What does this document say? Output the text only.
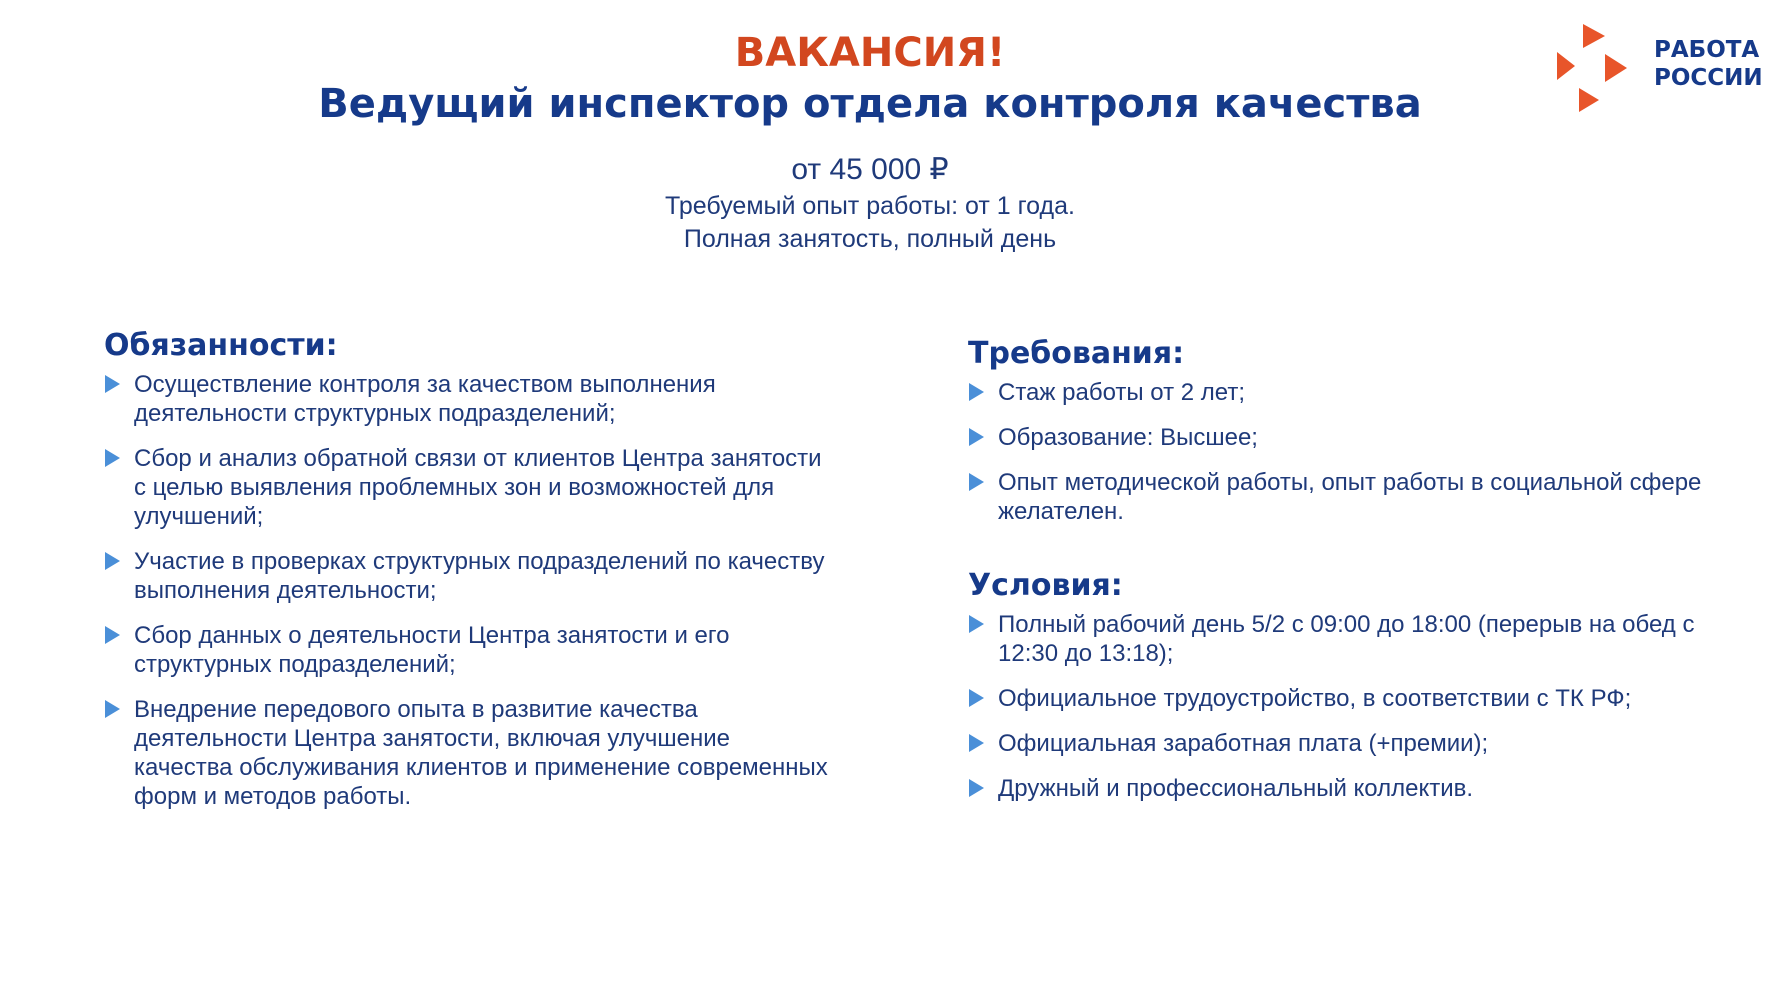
ВАКАНСИЯ!
Ведущий инспектор отдела контроля качества
от 45 000 ₽
Требуемый опыт работы: от 1 года.
Полная занятость, полный день
РАБОТА
РОССИИ
Обязанности:
Осуществление контроля за качеством выполнения деятельности структурных подразделений;
Сбор и анализ обратной связи от клиентов Центра занятости с целью выявления проблемных зон и возможностей для улучшений;
Участие в проверках структурных подразделений по качеству выполнения деятельности;
Сбор данных о деятельности Центра занятости и его структурных подразделений;
Внедрение передового опыта в развитие качества деятельности Центра занятости, включая улучшение качества обслуживания клиентов и применение современных форм и методов работы.
Требования:
Стаж работы от 2 лет;
Образование: Высшее;
Опыт методической работы, опыт работы в социальной сфере желателен.
Условия:
Полный рабочий день 5/2 с 09:00 до 18:00 (перерыв на обед с 12:30 до 13:18);
Официальное трудоустройство, в соответствии с ТК РФ;
Официальная заработная плата (+премии);
Дружный и профессиональный коллектив.
